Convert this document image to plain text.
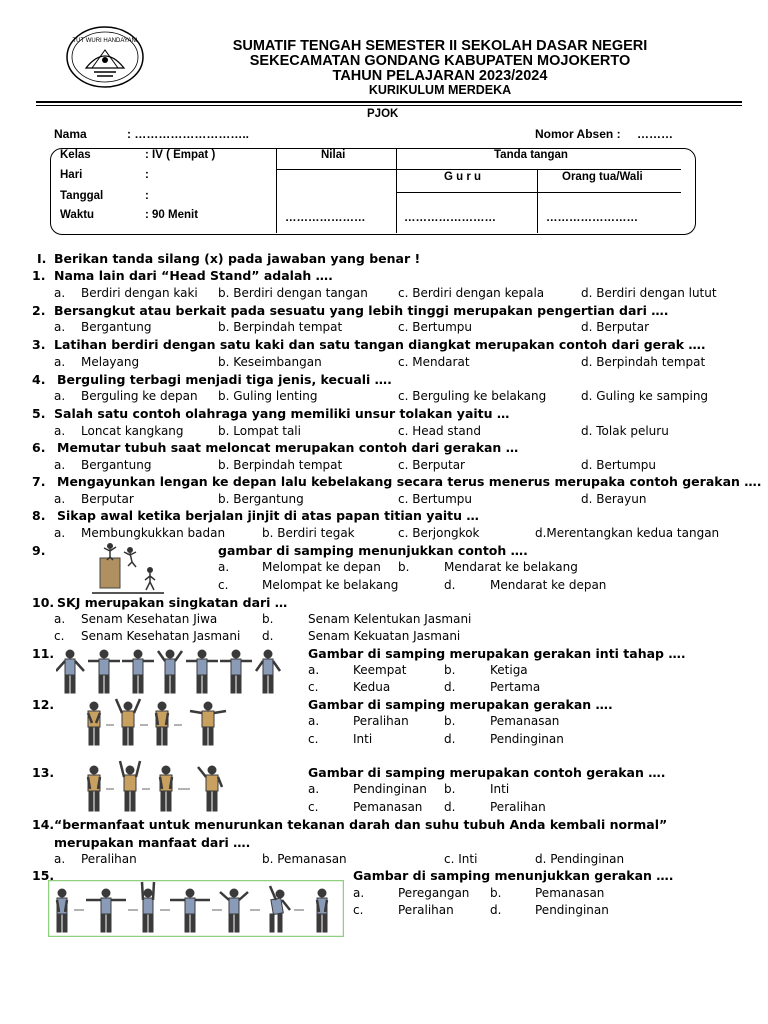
TUT WURI HANDAYANI	SUMATIF TENGAH SEMESTER II SEKOLAH DASAR NEGERI
SEKECAMATAN GONDANG KABUPATEN MOJOKERTO
TAHUN PELAJARAN 2023/2024
KURIKULUM MERDEKA
PJOK
Nama	: ………………………..	Nomor Absen : ………
Kelas	: IV ( Empat )
Hari	:
Tanggal	:
Waktu	: 90 Menit
Nilai	Tanda tangan
G u r u	Orang tua/Wali
…………………	……………………	……………………
I. Berikan tanda silang (x) pada jawaban yang benar !
1. Nama lain dari “Head Stand” adalah ….
a. Berdiri dengan kaki b. Berdiri dengan tangan	c. Berdiri dengan kepala	d. Berdiri dengan lutut
2. Bersangkut atau berkait pada sesuatu yang lebih tinggi merupakan pengertian dari ….
a. Bergantung	b. Berpindah tempat	c. Bertumpu	d. Berputar
3. Latihan berdiri dengan satu kaki dan satu tangan diangkat merupakan contoh dari gerak ….
a. Melayang	b. Keseimbangan	c. Mendarat	d. Berpindah tempat
4. Berguling terbagi menjadi tiga jenis, kecuali ….
a. Berguling ke depan b. Guling lenting	c. Berguling ke belakang	d. Guling ke samping
5. Salah satu contoh olahraga yang memiliki unsur tolakan yaitu …
a. Loncat kangkang	b. Lompat tali	c. Head stand	d. Tolak peluru
6. Memutar tubuh saat meloncat merupakan contoh dari gerakan …
a. Bergantung	b. Berpindah tempat	c. Berputar	d. Bertumpu
7. Mengayunkan lengan ke depan lalu kebelakang secara terus menerus merupaka contoh gerakan ….
a. Berputar	b. Bergantung	c. Bertumpu	d. Berayun
8. Sikap awal ketika berjalan jinjit di atas papan titian yaitu …
a. Membungkukkan badan	b. Berdiri tegak	c. Berjongkok	d.Merentangkan kedua tangan
9.	gambar di samping menunjukkan contoh ….
a.	Melompat ke depan b.	Mendarat ke belakang
c.	Melompat ke belakang	d.	Mendarat ke depan
10. SKJ merupakan singkatan dari …
a. Senam Kesehatan Jiwa	b.	Senam Kelentukan Jasmani
c. Senam Kesehatan Jasmani d.	Senam Kekuatan Jasmani
11.	Gambar di samping merupakan gerakan inti tahap ….
a.	Keempat	b.	Ketiga
c.	Kedua	d.	Pertama
12.	Gambar di samping merupakan gerakan ….
a.	Peralihan	b.	Pemanasan
c.	Inti	d.	Pendinginan
13.	Gambar di samping merupakan contoh gerakan ….
a.	Pendinginan b.	Inti
c.	Pemanasan d.	Peralihan
14. “bermanfaat untuk menurunkan tekanan darah dan suhu tubuh Anda kembali normal”
merupakan manfaat dari ….
a. Peralihan	b. Pemanasan	c. Inti	d. Pendinginan
15.	Gambar di samping menunjukkan gerakan ….
a.	Peregangan b.	Pemanasan
c.	Peralihan	d.	Pendinginan
